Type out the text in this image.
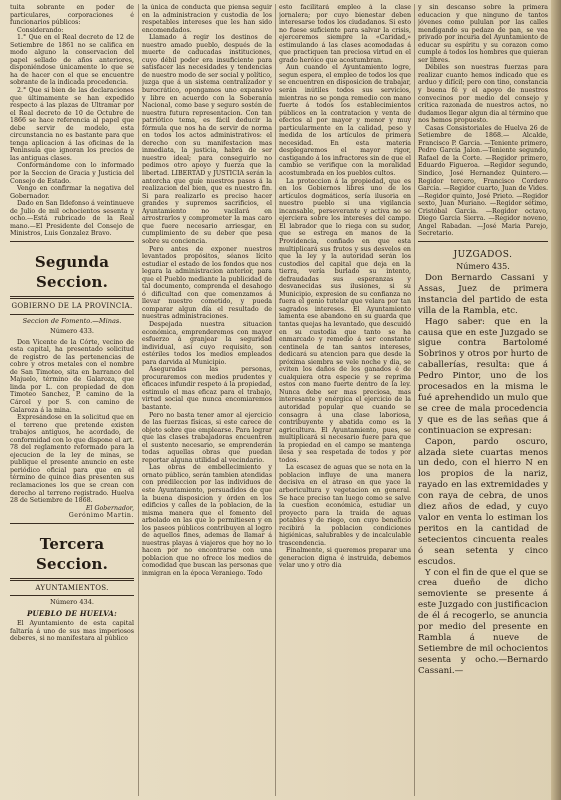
tuita sobrante en poder de particulares, corporaciones é funcionarios públicos:

Considerando:

1.° Que en el Real decreto de 12 de Setiembre de 1861 no se califica en modo alguno la conservacion del papel sellado de años anteriores, disponiéndose únicamente lo que se ha de hacer con el que se encuentre sobrante de la indicada procedencia.

2.° Que si bien de las declaraciones que últimamente se han expedido respecto á las plazas de Ultramar por el Real decreto de 10 de Octubre de 1866 se hace referencia al papel que debe servir de modelo, esta circunstancia no es bastante para que tenga aplicacion á las oficinas de la Peninsula que ignoran los precios de las antiguas clases.

Conformándome con lo informado por la Seccion de Gracia y Justicia del Consejo de Estado.

Vengo en confirmar la negativa del Gobernador.

Dado en San Ildefonso á veintinueve de Julio de mil ochocientos sesenta y ocho.—Está rubricado de la Real mano.—El Presidente del Consejo de Ministros, Luis Gonzalez Bravo.

Segunda Seccion.
GOBIERNO DE LA PROVINCIA.
Seccion de Fomento.—Minas.
Número 433.

Don Vicente de la Córte, vecino de esta capital, ha presentado solicitud de registro de las pertenencias de cobre y otros metales con el nombre de San Timoteo, sita en barranco del Majuelo, término de Galaroza, que linda por L. con propiedad de don Timoteo Sanchez, P. camino de la Cárcel y por S. con camino de Galaroza á la mina.

Expresándose en la solicitud que en el terreno que pretende existen trabajos antiguos, he acordado, de conformidad con lo que dispone el art. 78 del reglamento reformado para la ejecucion de la ley de minas, se publique el presente anuncio en este periódico oficial para que en el término de quince dias presenten sus reclamaciones los que se crean con derecho al terreno registrado. Huelva 28 de Setiembre de 1868.

El Gobernador,
Gerónimo Martin.
Tercera Seccion.
AYUNTAMIENTOS.
Número 434.
PUEBLO DE HUELVA:

El Ayuntamiento de esta capital faltaría á uno de sus mas imperiosos deberes, si no manifestara al público

la única de conducta que piensa seguir en la administracion y custodia de los respetables intereses que les han sido encomendados.

Llamado á regir los destinos de nuestro amado pueblo, después de la muerte de caducadas instituciones, cuyo débil poder era insuficiente para satisfacer las necesidades y tendencias de nuestro modo de ser social y político, juzga que á un sistema centralizador y burocrático, opongamos uno expansivo y libre en acuerdo con la Soberanía Nacional, como base y seguro sostén de nuestra futura representacion. Con tan patriótico tema, es fácil deducir la fórmula que nos ha de servir de norma en todos los actos administrativos: el derecho con su manifestacion mas inmediata, la justicia, habrá de ser nuestro ideal; para conseguirlo no pedimos otro apoyo y fuerza que la libertad. LIBERTAD y JUSTICIA serán la antorcha que guíe nuestros pasos á la realizacion del bien, que es nuestro fin. Si para realizarlo es preciso hacer grandes y supremos sacrificios, el Ayuntamiento no vacilará en arrostrarlos y comprometer la mas caro que fuere necesario arriesgar, en cumplimiento de su deber que pesa sobre su conciencia.

Pero antes de exponer nuestros levantados propósitos, séanos lícito estudiar el estado de los fondos que nos legara la administracion anterior, para que el Pueblo mediante la publicidad de tal documento, comprenda el desahogo ó dificultad con que comenzamos á llevar nuestro cometido, y pueda comparar algun día el resultado de nuestras administraciones.

Despejada nuestra situacion económica, emprenderemos con mayor esfuerzo á granjear la seguridad individual, así cuyo requisito, son estériles todos los medios empleados para darvida al Municipio.

Aseguradas las personas, procuraremos con medios prudentes y eficaces infundir respeto á la propiedad, estimulo el mas eficaz para el trabajo, virtud social que nunca encomiaremos bastante.

Pero no basta tener amor al ejercicio de las fuerzas físicas, si este carece de objeto sobre que emplearse. Para lograr que las clases trabajadoras encuentren el sustento necesario, se emprenderán todas aquellas obras que puedan reportar alguna utilidad al vecindario.

Las obras de embellecimiento y ornato público, serán tambien atendidas con predileccion por las individuos de este Ayuntamiento, persuadidos de que la buena disposicion y órden en los edificios y calles de la poblacion, de la misma manera que el fomento del arbolado en las que lo permitiesen y en los paseos públicos contribuyen al logro de aquellos fines, ademas de llamar á nuestras playas á viajeros que hoy no lo hacen por no encontrarse con una poblacion que no ofrece los medios de comodidad que buscan las personas que inmigran en la época Veraniego. Todo

esto facilitará empleo á la clase jornalera; por cuyo bienestar deben interesarse todos los ciudadanos. Si esto no fuese suficiente para salvar la crisis, ejerceremos siempre la «Caridad,» estimulando á las clases acomodadas á que practiquen tan preciosa virtud en el grado heróico que acostumbran.

Aun cuando el Ayuntamiento logre, segun espera, el empleo de todos los que se encuentren en disposicion de trabajar, serán inútiles todos sus servicios, mientras no se ponga remedio con mano fuerte á todos los establecimientos públicos en la contratacion y venta de efectos al por mayor y menor y muy particularmente en la calidad, peso y medida de los artículos de primera necesidad. En esta materia desplegaremos el mayor rigor, castigando á los infractores sin de que el cambio se verifique con la moralidad acostumbrada en los pueblos cultos.

La proteccion á la propiedad, que es en los Gobiernos libres uno de los artículos dogmáticos, sería ilusoria en nuestro pueblo si una vigilancia incansable, perseverante y activa no se ejerciera sobre los intereses del campo. El labrador que lo riega con su sudor, que se estrega en manos de la Providencia, confiado en que esta multiplicará sus frutos y sus desvelos en que la ley y la autoridad serán los custodios del capital que deja en la tierra, vería burlado su intento, defraudadas sus esperanzas y desvanecidas sus ilusiones, si su Municipio, expresion de su confianza no fuera el genio tutelar que velara por tan sagrados intereses. El Ayuntamiento lamenta ese abandono en su guarda que tantas quejas ha levantado, que descuidó en su custodia que tanto se ha enmarcado y remedio á ser constante centinela de tan santos intereses, dedicará su atencion para que desde la próxima siembra se vele noche y dia, se eviten los daños de los ganados é de cualquiera otra especie y se reprima estos con mano fuerte dentro de la ley. Nunca debe ser mas preciosa, mas interesante y enérgica el ejercicio de la autoridad popular que cuando se consagra á una clase laboriosa, contribuyente y abatida como es la agricultura. El Ayuntamiento, pues, se multiplicará si necesario fuere para que la propiedad en el campo se mantenga ilesa y sea respetada de todos y por todos.

La escasez de aguas que se nota en la poblacion influye de una manera decisiva en el atraso en que yace la arboricultura y vegetacion en general. Se hace preciso tan luego como se salve la cuestion económica, estudiar un proyecto para la traida de aguas potables y de riego, con cuyo beneficio recibirá la poblacion condiciones higiénicas, salubrables y de incalculable trascendencia.

Finalmente, si queremos preparar una generacion digna é instruida, debemos velar uno y otro dia

y sin descanso sobre la primera educacion y que ninguno de tantos jóvenes como pululan por las calles mendigando su pedazo de pan, se vea privado por incuria del Ayuntamiento de educar su espíritu y su corazon como cumple á todos los hombres que quieran ser libres.

Débiles son nuestras fuerzas para realizar cuanto hemos indicado que es arduo y difícil; pero con tino, constancia y buena fé y el apoyo de nuestros convecinos por medio del consejo y crítica razonada de nuestros actos, no dudamos llegar algun dia al término que nos hemos propuesto.

Casas Consistoriales de Huelva 26 de Setiembre de 1868.— Alcalde, Francisco P. Garcia. —Teniente primero, Pedro Garcia Jalon.—Teniente segundo, Rafael de la Corte. —Regidor primero, Eduardo Figueroa. —Regidor segundo, Sindico, José Hernandez Quintero.—Regidor tercero, Francisco Cordero Garcia. —Regidor cuarto, Juan de Vides. —Regidor quinto, José Prieto. —Regidor sexto, Juan Muriano. —Regidor sétimo, Cristóbal Garcia. —Regidor octavo, Diego Garcia Sierra. —Regidor noveno, Angel Rabadan. —José Maria Parejo, Secretario.

JUZGADOS.
Número 435.

Don Bernardo Cassani y Assas, Juez de primera instancia del partido de esta villa de la Rambla, etc.

Hago saber: que en la causa que en este Juzgado se sigue contra Bartolomé Sobrinos y otros por hurto de caballerías, resulta: que á Pedro Pintor, uno de los procesados en la misma le fué aprehendido un mulo que se cree de mala procedencia y que es de las señas que á continuacion se expresan:

Capon, pardo oscuro, alzada siete cuartas menos un dedo, con el hierro N en los propios de la nariz, rayado en las extremidades y con raya de cebra, de unos diez años de edad, y cuyo valor en venta lo estiman los peritos en la cantidad de setecientos cincuenta reales ó sean setenta y cinco escudos.

Y con el fin de que el que se crea dueño de dicho semoviente se presente á este Juzgado con justificacion de él á recogerlo, se anuncia por medio del presente en Rambla á nueve de Setiembre de mil ochocientos sesenta y ocho.—Bernardo Cassani.—
